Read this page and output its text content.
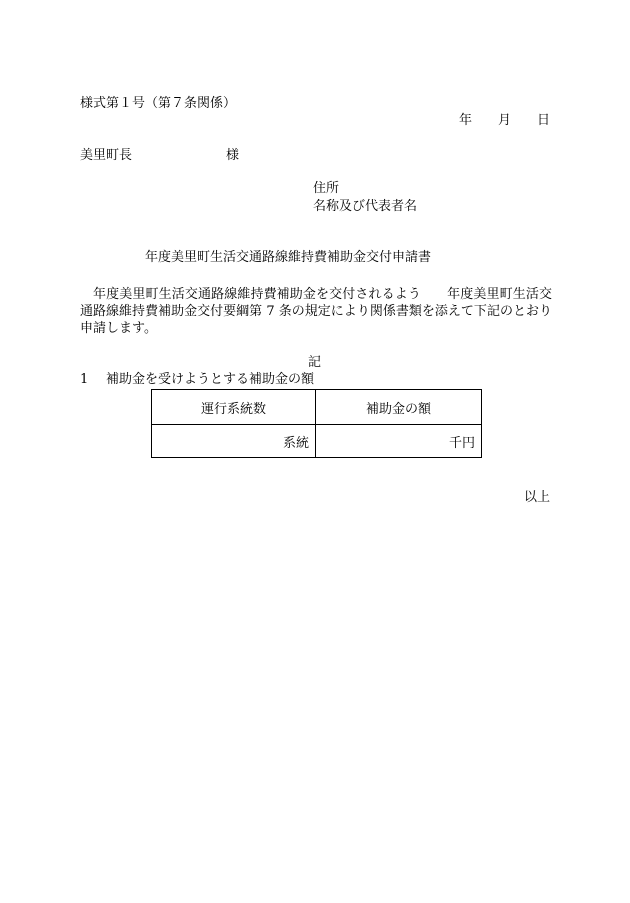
様式第１号（第７条関係）
年 月 日
美里町長	様
住所
名称及び代表者名
年度美里町生活交通路線維持費補助金交付申請書
年度美里町生活交通路線維持費補助金を交付されるよう 年度美里町生活交通路線維持費補助金交付要綱第 7 条の規定により関係書類を添えて下記のとおり申請します。
記
1 補助金を受けようとする補助金の額
運行系統数	補助金の額
系統	千円
以上
